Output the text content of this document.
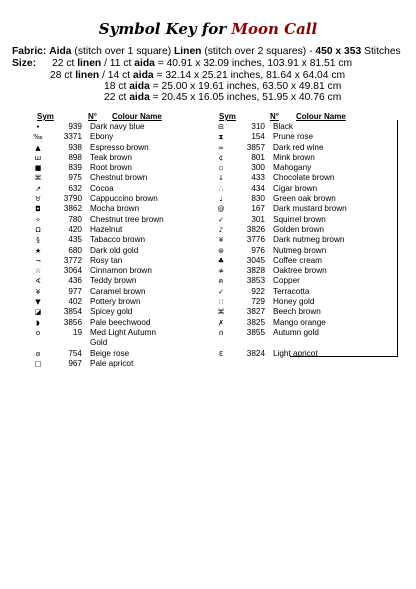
Symbol Key for Moon Call
Fabric: Aida (stitch over 1 square) Linen (stitch over 2 squares) - 450 x 353 Stitches
Size: 22 ct linen / 11 ct aida = 40.91 x 32.09 inches, 103.91 x 81.51 cm
28 ct linen / 14 ct aida = 32.14 x 25.21 inches, 81.64 x 64.04 cm
18 ct aida = 25.00 x 19.61 inches, 63.50 x 49.81 cm
22 ct aida = 20.45 x 16.05 inches, 51.95 x 40.76 cm
Sym	N° Colour Name	Sym	N° Colour Name
•	939	Dark navy blue
‰	3371	Ebony
▲	938	Espresso brown
ш	898	Teak brown
■	839	Root brown
⌘	975	Chestnut brown
↗	632	Cocoa
♉	3790	Cappuccino brown
◘	3862	Mocha brown
✧	780	Chestnut tree brown
Ω	420	Hazelnut
§	435	Tabacco brown
★	680	Dark old gold
¬	3772	Rosy tan
☆	3064	Cinnamon brown
∢	436	Teddy brown
¥	977	Caramel brown
▼	402	Pottery brown
◪	3854	Spicey gold
◗	3856	Pale beechwood
o	19	Med Light Autumn
		Gold
ɞ	754	Beige rose
□	967	Pale apricot
⊟	310	Black
⧗	154	Prune rose
∞	3857	Dark red wine
¢	801	Mink brown
▫	300	Mahogany
↓	433	Chocolate brown
∴	434	Cigar brown
♩	830	Green oak brown
@	167	Dark mustard brown
✓	301	Squirrel brown
♪	3826	Golden brown
¥	3776	Dark nutmeg brown
⊛	976	Nutmeg brown
♣	3045	Coffee cream
≉	3828	Oaktree brown
ฅ	3853	Copper
✓	922	Terracotta
∷	729	Honey gold
⌘	3827	Beech brown
✗	3825	Mango orange
ሰ	3855	Autumn gold

Ɛ	3824	Light apricot
